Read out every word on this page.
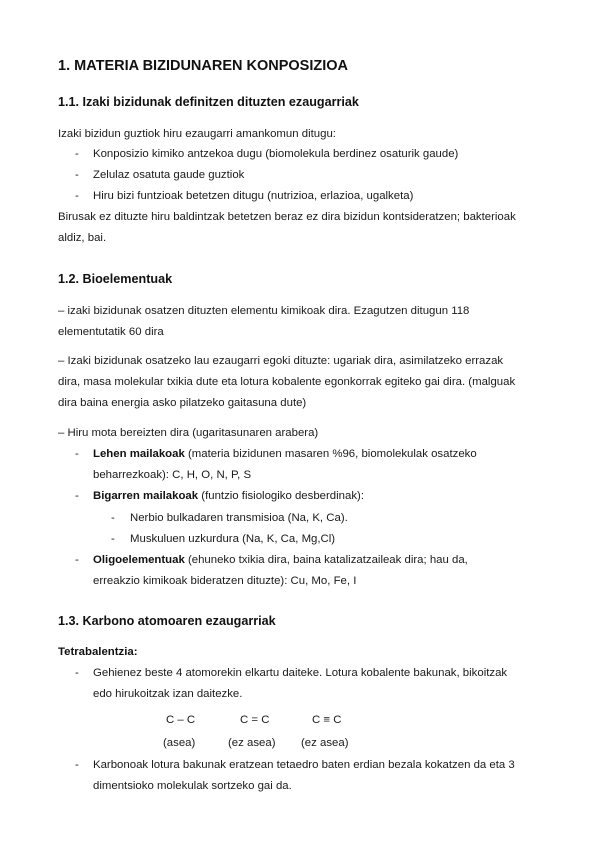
1. MATERIA BIZIDUNAREN KONPOSIZIOA
1.1. Izaki bizidunak definitzen dituzten ezaugarriak
Izaki bizidun guztiok hiru ezaugarri amankomun ditugu:
- Konposizio kimiko antzekoa dugu (biomolekula berdinez osaturik gaude)
- Zelulaz osatuta gaude guztiok
- Hiru bizi funtzioak betetzen ditugu (nutrizioa, erlazioa, ugalketa)
Birusak ez dituzte hiru baldintzak betetzen beraz ez dira bizidun kontsideratzen; bakterioak
aldiz, bai.
1.2. Bioelementuak
– izaki bizidunak osatzen dituzten elementu kimikoak dira. Ezagutzen ditugun 118
elementutatik 60 dira
– Izaki bizidunak osatzeko lau ezaugarri egoki dituzte: ugariak dira, asimilatzeko errazak
dira, masa molekular txikia dute eta lotura kobalente egonkorrak egiteko gai dira. (malguak
dira baina energia asko pilatzeko gaitasuna dute)
– Hiru mota bereizten dira (ugaritasunaren arabera)
- Lehen mailakoak (materia bizidunen masaren %96, biomolekulak osatzeko
beharrezkoak): C, H, O, N, P, S
- Bigarren mailakoak (funtzio fisiologiko desberdinak):
- Nerbio bulkadaren transmisioa (Na, K, Ca).
- Muskuluen uzkurdura (Na, K, Ca, Mg,Cl)
- Oligoelementuak (ehuneko txikia dira, baina katalizatzaileak dira; hau da,
erreakzio kimikoak bideratzen dituzte): Cu, Mo, Fe, I
1.3. Karbono atomoaren ezaugarriak
Tetrabalentzia:
- Gehienez beste 4 atomorekin elkartu daiteke. Lotura kobalente bakunak, bikoitzak
edo hirukoitzak izan daitezke.
C – C	C = C	C ≡ C
(asea)	(ez asea) (ez asea)
- Karbonoak lotura bakunak eratzean tetaedro baten erdian bezala kokatzen da eta 3
dimentsioko molekulak sortzeko gai da.
